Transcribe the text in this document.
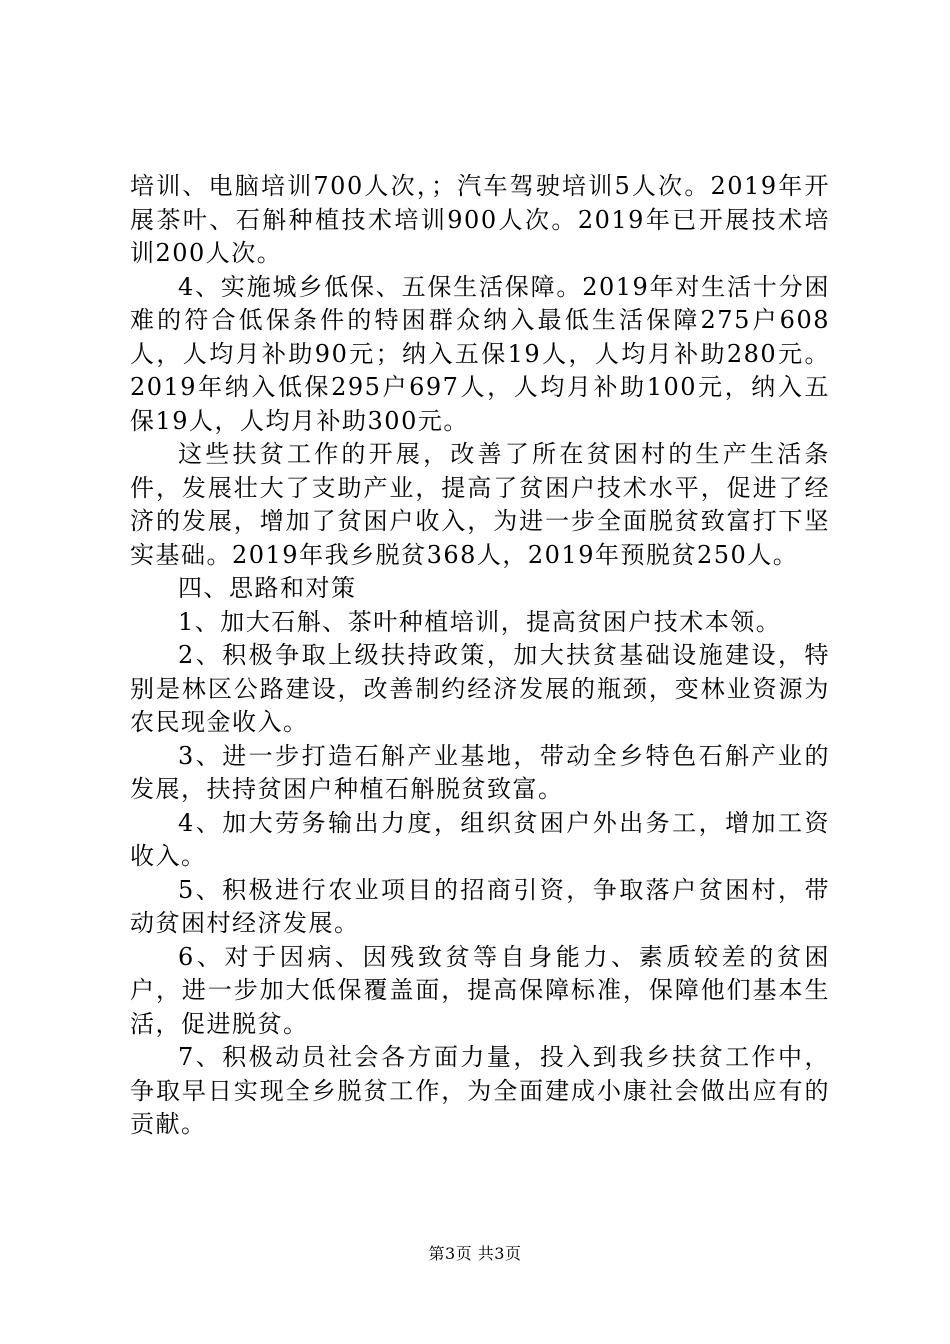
培训、电脑培训700人次，；汽车驾驶培训5人次。2019年开展茶叶、石斛种植技术培训900人次。2019年已开展技术培训200人次。

4、实施城乡低保、五保生活保障。2019年对生活十分困难的符合低保条件的特困群众纳入最低生活保障275户608人，人均月补助90元；纳入五保19人，人均月补助280元。2019年纳入低保295户697人，人均月补助100元，纳入五保19人，人均月补助300元。

这些扶贫工作的开展，改善了所在贫困村的生产生活条件，发展壮大了支助产业，提高了贫困户技术水平，促进了经济的发展，增加了贫困户收入，为进一步全面脱贫致富打下坚实基础。2019年我乡脱贫368人，2019年预脱贫250人。

四、思路和对策

1、加大石斛、茶叶种植培训，提高贫困户技术本领。

2、积极争取上级扶持政策，加大扶贫基础设施建设，特别是林区公路建设，改善制约经济发展的瓶颈，变林业资源为农民现金收入。

3、进一步打造石斛产业基地，带动全乡特色石斛产业的发展，扶持贫困户种植石斛脱贫致富。

4、加大劳务输出力度，组织贫困户外出务工，增加工资收入。

5、积极进行农业项目的招商引资，争取落户贫困村，带动贫困村经济发展。

6、对于因病、因残致贫等自身能力、素质较差的贫困户，进一步加大低保覆盖面，提高保障标准，保障他们基本生活，促进脱贫。

7、积极动员社会各方面力量，投入到我乡扶贫工作中，争取早日实现全乡脱贫工作，为全面建成小康社会做出应有的贡献。

第3页 共3页
